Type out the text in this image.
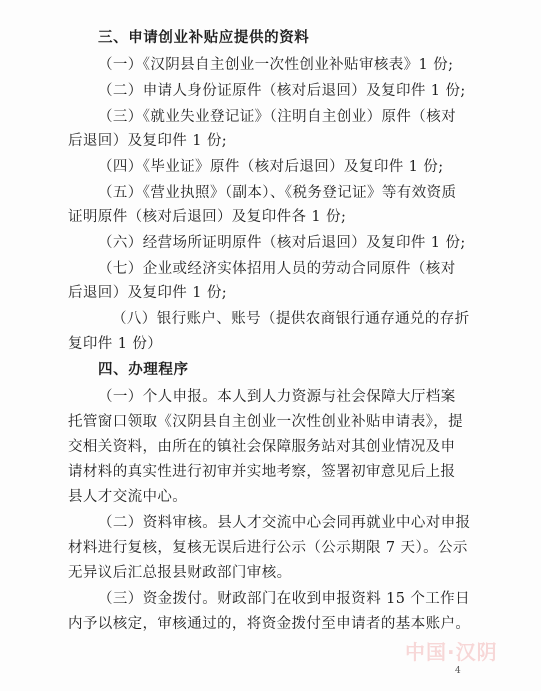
三、申请创业补贴应提供的资料
（一）《汉阴县自主创业一次性创业补贴审核表》1 份;
（二）申请人身份证原件（核对后退回）及复印件 1 份;
（三）《就业失业登记证》（注明自主创业）原件（核对
后退回）及复印件 1 份;
（四）《毕业证》原件（核对后退回）及复印件 1 份;
（五）《营业执照》（副本）、《税务登记证》等有效资质
证明原件（核对后退回）及复印件各 1 份;
（六）经营场所证明原件（核对后退回）及复印件 1 份;
（七）企业或经济实体招用人员的劳动合同原件（核对
后退回）及复印件 1 份;
（八）银行账户、账号（提供农商银行通存通兑的存折
复印件 1 份）
四、办理程序
（一）个人申报。本人到人力资源与社会保障大厅档案
托管窗口领取《汉阴县自主创业一次性创业补贴申请表》，提
交相关资料，由所在的镇社会保障服务站对其创业情况及申
请材料的真实性进行初审并实地考察，签署初审意见后上报
县人才交流中心。
（二）资料审核。县人才交流中心会同再就业中心对申报
材料进行复核，复核无误后进行公示（公示期限 7 天）。公示
无异议后汇总报县财政部门审核。
（三）资金拨付。财政部门在收到申报资料 15 个工作日
内予以核定，审核通过的，将资金拨付至申请者的基本账户。
中国·汉阴
4
